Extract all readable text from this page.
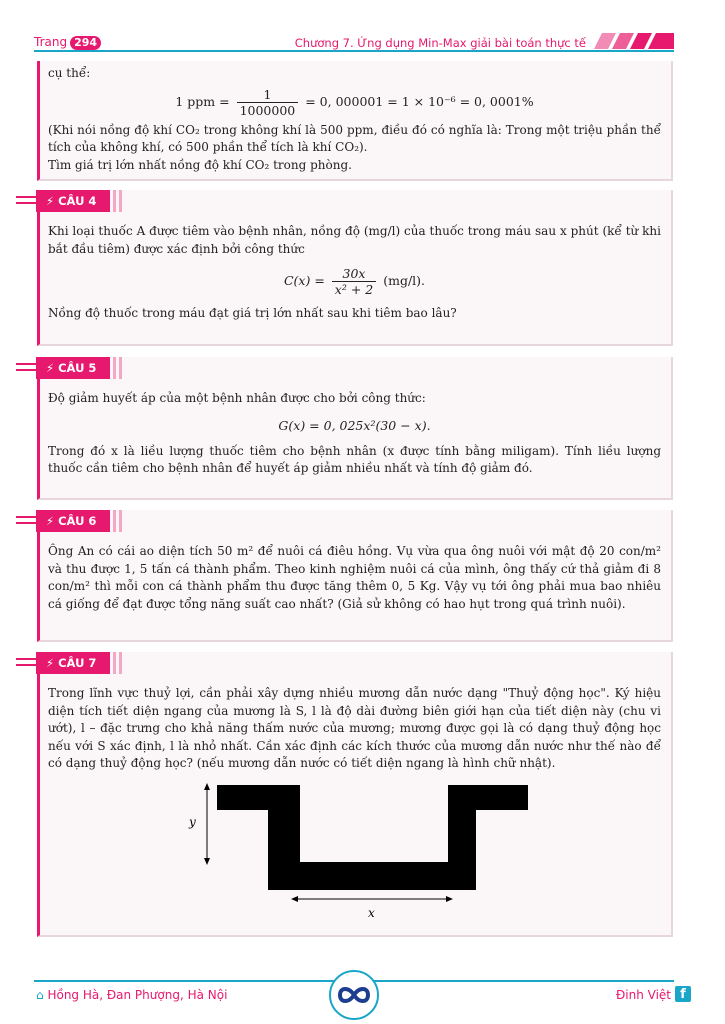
Trang 294	Chương 7. Ứng dụng Min-Max giải bài toán thực tế

cụ thể:

1 ppm = $\frac{1}{1000000} = 0$, 000001 = 1 × 10⁻⁶ = 0, 0001%

(Khi nói nồng độ khí CO₂ trong không khí là 500 ppm, điều đó có nghĩa là: Trong một triệu phần thể tích của không khí, có 500 phần thể tích là khí CO₂).

Tìm giá trị lớn nhất nồng độ khí CO₂ trong phòng.

⚡ CÂU 4

Khi loại thuốc A được tiêm vào bệnh nhân, nồng độ (mg/l) của thuốc trong máu sau x phút (kể từ khi bắt đầu tiêm) được xác định bởi công thức

$C(x) = \frac{30x}{\text{x² + 2}} (mg/l)$.

Nồng độ thuốc trong máu đạt giá trị lớn nhất sau khi tiêm bao lâu?

⚡ CÂU 5

Độ giảm huyết áp của một bệnh nhân được cho bởi công thức:

G(x) = 0, 025x²(30 − x).

Trong đó x là liều lượng thuốc tiêm cho bệnh nhân (x được tính bằng miligam). Tính liều lượng thuốc cần tiêm cho bệnh nhân để huyết áp giảm nhiều nhất và tính độ giảm đó.

⚡ CÂU 6

Ông An có cái ao diện tích 50 m² để nuôi cá điêu hồng. Vụ vừa qua ông nuôi với mật độ 20 con/m² và thu được 1, 5 tấn cá thành phẩm. Theo kinh nghiệm nuôi cá của mình, ông thấy cứ thả giảm đi 8 con/m² thì mỗi con cá thành phẩm thu được tăng thêm 0, 5 Kg. Vậy vụ tới ông phải mua bao nhiêu cá giống để đạt được tổng năng suất cao nhất? (Giả sử không có hao hụt trong quá trình nuôi).

⚡ CÂU 7

Trong lĩnh vực thuỷ lợi, cần phải xây dựng nhiều mương dẫn nước dạng "Thuỷ động học". Ký hiệu diện tích tiết diện ngang của mương là S, l là độ dài đường biên giới hạn của tiết diện này (chu vi ướt), l – đặc trưng cho khả năng thấm nước của mương; mương được gọi là có dạng thuỷ động học nếu với S xác định, l là nhỏ nhất. Cần xác định các kích thước của mương dẫn nước như thế nào để có dạng thuỷ động học? (nếu mương dẫn nước có tiết diện ngang là hình chữ nhật).

y
x
⌂ Hồng Hà, Đan Phượng, Hà Nội	Đinh Việt f
